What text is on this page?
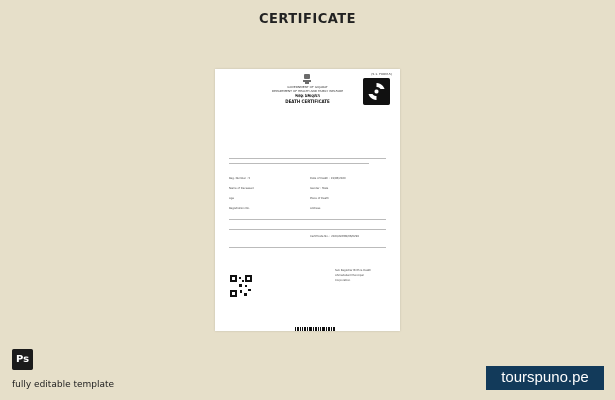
CERTIFICATE
(5.1. FORM-5)
GOVERNMENT OF GUJARAT
DEPARTMENT OF HEALTH AND FAMILY WELFARE
મરણ પ્રમાણપત્ર
DEATH CERTIFICATE
Reg. Number : 5	Date of Death : 19/08/2020
Name of Deceased	Gender : Male
Age	Place of Death
Registration No.	Address
Certificate No. : 2020/ADMIN/08/0296
Sub Registrar Birth & Death
Ahmedabad Municipal
Corporation
Ps
fully editable template	tourspuno.pe
